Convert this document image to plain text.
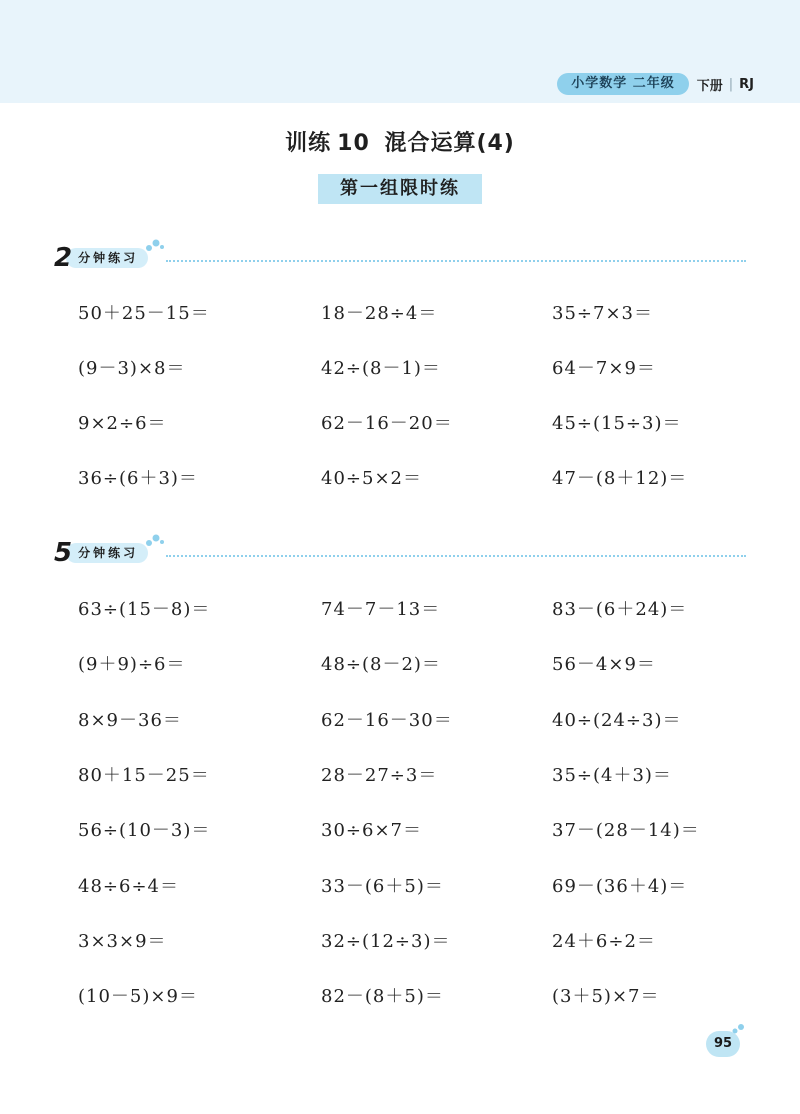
小学数学 二年级	下册 | RJ
训练 10 混合运算(4)
第一组限时练
2 分钟练习
50＋25－15＝	18－28÷4＝	35÷7×3＝
(9－3)×8＝	42÷(8－1)＝	64－7×9＝
9×2÷6＝	62－16－20＝	45÷(15÷3)＝
36÷(6＋3)＝	40÷5×2＝	47－(8＋12)＝
5 分钟练习
63÷(15－8)＝	74－7－13＝	83－(6＋24)＝
(9＋9)÷6＝	48÷(8－2)＝	56－4×9＝
8×9－36＝	62－16－30＝	40÷(24÷3)＝
80＋15－25＝	28－27÷3＝	35÷(4＋3)＝
56÷(10－3)＝	30÷6×7＝	37－(28－14)＝
48÷6÷4＝	33－(6＋5)＝	69－(36＋4)＝
3×3×9＝	32÷(12÷3)＝	24＋6÷2＝
(10－5)×9＝	82－(8＋5)＝	(3＋5)×7＝
95
